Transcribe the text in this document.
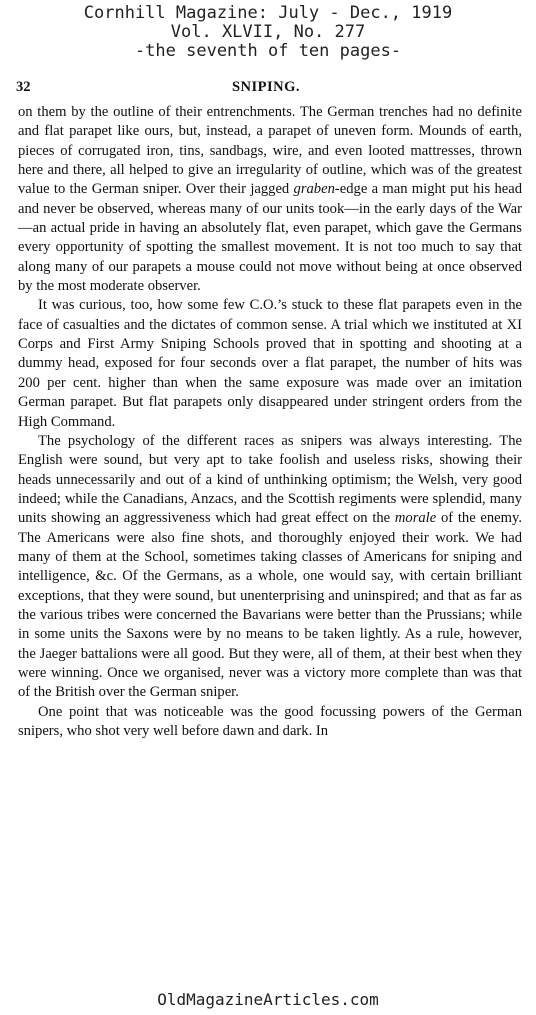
Cornhill Magazine: July - Dec., 1919
Vol. XLVII, No. 277
-the seventh of ten pages-
32	SNIPING.

on them by the outline of their entrenchments. The German trenches had no definite and flat parapet like ours, but, instead, a parapet of uneven form. Mounds of earth, pieces of corrugated iron, tins, sandbags, wire, and even looted mattresses, thrown here and there, all helped to give an irregularity of outline, which was of the greatest value to the German sniper. Over their jagged graben-edge a man might put his head and never be observed, whereas many of our units took—in the early days of the War—an actual pride in having an absolutely flat, even parapet, which gave the Germans every opportunity of spotting the smallest movement. It is not too much to say that along many of our parapets a mouse could not move without being at once observed by the most moderate observer.

It was curious, too, how some few C.O.’s stuck to these flat parapets even in the face of casualties and the dictates of common sense. A trial which we instituted at XI Corps and First Army Sniping Schools proved that in spotting and shooting at a dummy head, exposed for four seconds over a flat parapet, the number of hits was 200 per cent. higher than when the same exposure was made over an imitation German parapet. But flat parapets only disappeared under stringent orders from the High Command.

The psychology of the different races as snipers was always interesting. The English were sound, but very apt to take foolish and useless risks, showing their heads unnecessarily and out of a kind of unthinking optimism; the Welsh, very good indeed; while the Canadians, Anzacs, and the Scottish regiments were splendid, many units showing an aggressiveness which had great effect on the morale of the enemy. The Americans were also fine shots, and thoroughly enjoyed their work. We had many of them at the School, sometimes taking classes of Americans for sniping and intelligence, &c. Of the Germans, as a whole, one would say, with certain brilliant exceptions, that they were sound, but unenterprising and uninspired; and that as far as the various tribes were concerned the Bavarians were better than the Prussians; while in some units the Saxons were by no means to be taken lightly. As a rule, however, the Jaeger battalions were all good. But they were, all of them, at their best when they were winning. Once we organised, never was a victory more complete than was that of the British over the German sniper.

One point that was noticeable was the good focussing powers of the German snipers, who shot very well before dawn and dark. In

OldMagazineArticles.com
